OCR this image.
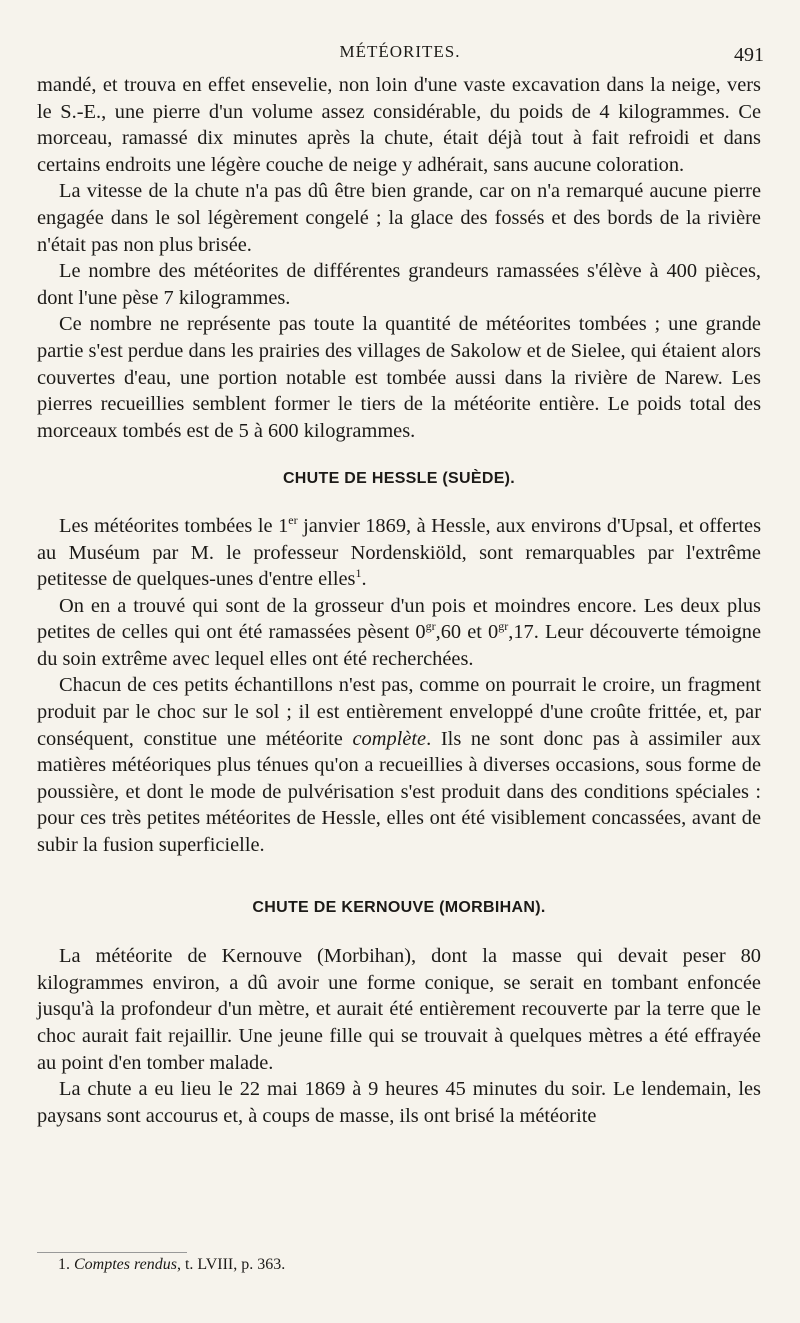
MÉTÉORITES.	491

mandé, et trouva en effet ensevelie, non loin d'une vaste excavation dans la neige, vers le S.-E., une pierre d'un volume assez considérable, du poids de 4 kilogrammes. Ce morceau, ramassé dix minutes après la chute, était déjà tout à fait refroidi et dans certains endroits une légère couche de neige y adhérait, sans aucune coloration.

La vitesse de la chute n'a pas dû être bien grande, car on n'a remarqué aucune pierre engagée dans le sol légèrement congelé ; la glace des fossés et des bords de la rivière n'était pas non plus brisée.

Le nombre des météorites de différentes grandeurs ramassées s'élève à 400 pièces, dont l'une pèse 7 kilogrammes.

Ce nombre ne représente pas toute la quantité de météorites tombées ; une grande partie s'est perdue dans les prairies des villages de Sakolow et de Sielee, qui étaient alors couvertes d'eau, une portion notable est tombée aussi dans la rivière de Narew. Les pierres recueillies semblent former le tiers de la météorite entière. Le poids total des morceaux tombés est de 5 à 600 kilogrammes.

CHUTE DE HESSLE (SUÈDE).

Les météorites tombées le 1er janvier 1869, à Hessle, aux environs d'Upsal, et offertes au Muséum par M. le professeur Nordenskiöld, sont remarquables par l'extrême petitesse de quelques-unes d'entre elles$^1$.

On en a trouvé qui sont de la grosseur d'un pois et moindres encore. Les deux plus petites de celles qui ont été ramassées pèsent $0^{gr},60$ et $0^{gr},17$. Leur découverte témoigne du soin extrême avec lequel elles ont été recherchées.

Chacun de ces petits échantillons n'est pas, comme on pourrait le croire, un fragment produit par le choc sur le sol ; il est entièrement enveloppé d'une croûte frittée, et, par conséquent, constitue une météorite complète. Ils ne sont donc pas à assimiler aux matières météoriques plus ténues qu'on a recueillies à diverses occasions, sous forme de poussière, et dont le mode de pulvérisation s'est produit dans des conditions spéciales : pour ces très petites météorites de Hessle, elles ont été visiblement concassées, avant de subir la fusion superficielle.

CHUTE DE KERNOUVE (MORBIHAN).

La météorite de Kernouve (Morbihan), dont la masse qui devait peser 80 kilogrammes environ, a dû avoir une forme conique, se serait en tombant enfoncée jusqu'à la profondeur d'un mètre, et aurait été entièrement recouverte par la terre que le choc aurait fait rejaillir. Une jeune fille qui se trouvait à quelques mètres a été effrayée au point d'en tomber malade.

La chute a eu lieu le 22 mai 1869 à 9 heures 45 minutes du soir. Le lendemain, les paysans sont accourus et, à coups de masse, ils ont brisé la météorite

1. Comptes rendus, t. LVIII, p. 363.
